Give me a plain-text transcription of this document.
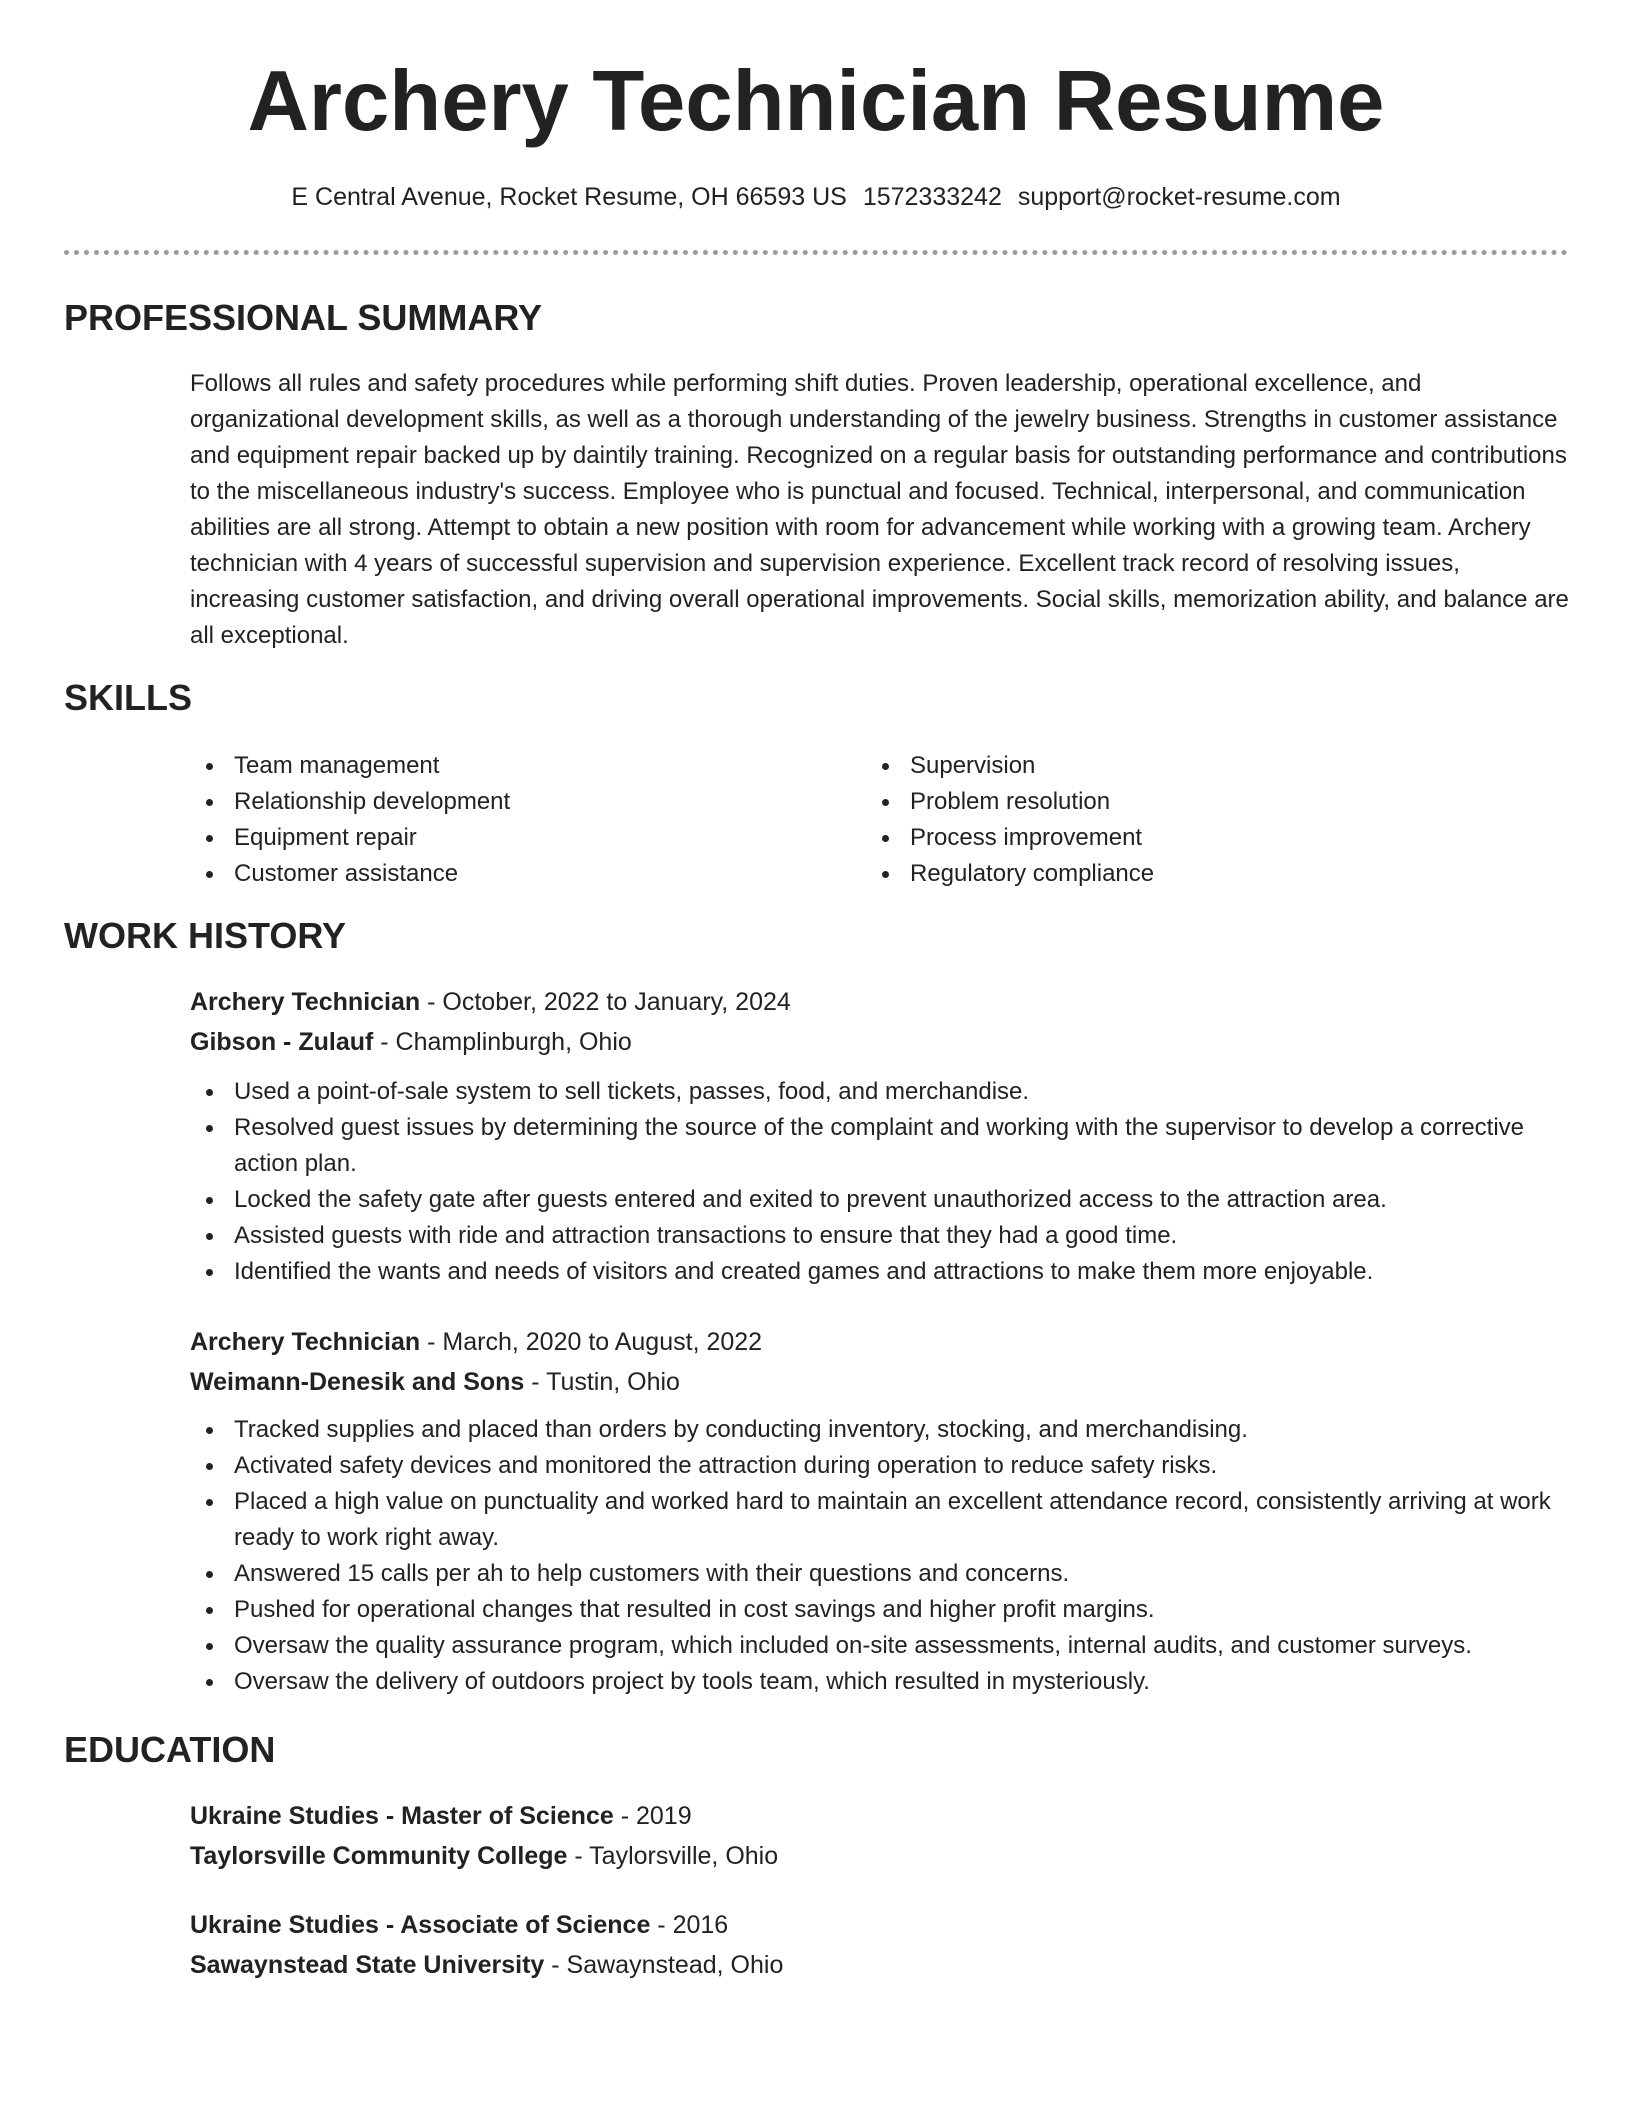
Archery Technician Resume
E Central Avenue, Rocket Resume, OH 66593 US 1572333242 support@rocket-resume.com
PROFESSIONAL SUMMARY

Follows all rules and safety procedures while performing shift duties. Proven leadership, operational excellence, and organizational development skills, as well as a thorough understanding of the jewelry business. Strengths in customer assistance and equipment repair backed up by daintily training. Recognized on a regular basis for outstanding performance and contributions to the miscellaneous industry's success. Employee who is punctual and focused. Technical, interpersonal, and communication abilities are all strong. Attempt to obtain a new position with room for advancement while working with a growing team. Archery technician with 4 years of successful supervision and supervision experience. Excellent track record of resolving issues, increasing customer satisfaction, and driving overall operational improvements. Social skills, memorization ability, and balance are all exceptional.

SKILLS
Team management
Relationship development
Equipment repair
Customer assistance
Supervision
Problem resolution
Process improvement
Regulatory compliance
WORK HISTORY
Archery Technician - October, 2022 to January, 2024
Gibson - Zulauf - Champlinburgh, Ohio
Used a point-of-sale system to sell tickets, passes, food, and merchandise.
Resolved guest issues by determining the source of the complaint and working with the supervisor to develop a corrective action plan.
Locked the safety gate after guests entered and exited to prevent unauthorized access to the attraction area.
Assisted guests with ride and attraction transactions to ensure that they had a good time.
Identified the wants and needs of visitors and created games and attractions to make them more enjoyable.
Archery Technician - March, 2020 to August, 2022
Weimann-Denesik and Sons - Tustin, Ohio
Tracked supplies and placed than orders by conducting inventory, stocking, and merchandising.
Activated safety devices and monitored the attraction during operation to reduce safety risks.
Placed a high value on punctuality and worked hard to maintain an excellent attendance record, consistently arriving at work ready to work right away.
Answered 15 calls per ah to help customers with their questions and concerns.
Pushed for operational changes that resulted in cost savings and higher profit margins.
Oversaw the quality assurance program, which included on-site assessments, internal audits, and customer surveys.
Oversaw the delivery of outdoors project by tools team, which resulted in mysteriously.
EDUCATION
Ukraine Studies - Master of Science - 2019
Taylorsville Community College - Taylorsville, Ohio
Ukraine Studies - Associate of Science - 2016
Sawaynstead State University - Sawaynstead, Ohio
